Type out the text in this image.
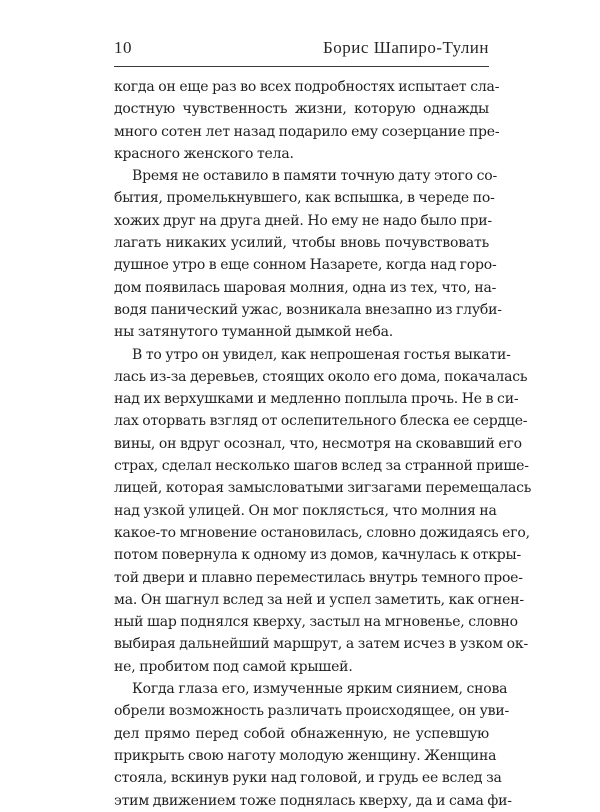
10	Борис Шапиро-Тулин

когда он еще раз во всех подробностях испытает сла-
достную чувственность жизни, которую однажды
много сотен лет назад подарило ему созерцание пре-
красного женского тела.

Время не оставило в памяти точную дату этого со-
бытия, промелькнувшего, как вспышка, в череде по-
хожих друг на друга дней. Но ему не надо было при-
лагать никаких усилий, чтобы вновь почувствовать
душное утро в еще сонном Назарете, когда над горо-
дом появилась шаровая молния, одна из тех, что, на-
водя панический ужас, возникала внезапно из глуби-
ны затянутого туманной дымкой неба.

В то утро он увидел, как непрошеная гостья выкати-
лась из-за деревьев, стоящих около его дома, покачалась
над их верхушками и медленно поплыла прочь. Не в си-
лах оторвать взгляд от ослепительного блеска ее сердце-
вины, он вдруг осознал, что, несмотря на сковавший его
страх, сделал несколько шагов вслед за странной пришe-
лицей, которая замысловатыми зигзагами перемещалась
над узкой улицей. Он мог поклясться, что молния на
какое-то мгновение остановилась, словно дожидаясь его,
потом повернула к одному из домов, качнулась к откры-
той двери и плавно переместилась внутрь темного прое-
ма. Он шагнул вслед за ней и успел заметить, как огнен-
ный шар поднялся кверху, застыл на мгновенье, словно
выбирая дальнейший маршрут, а затем исчез в узком ок-
не, пробитом под самой крышей.

Когда глаза его, измученные ярким сиянием, снова
обрели возможность различать происходящее, он уви-
дел прямо перед собой обнаженную, не успевшую
прикрыть свою наготу молодую женщину. Женщина
стояла, вскинув руки над головой, и грудь ее вслед за
этим движением тоже поднялась кверху, да и сама фи-
